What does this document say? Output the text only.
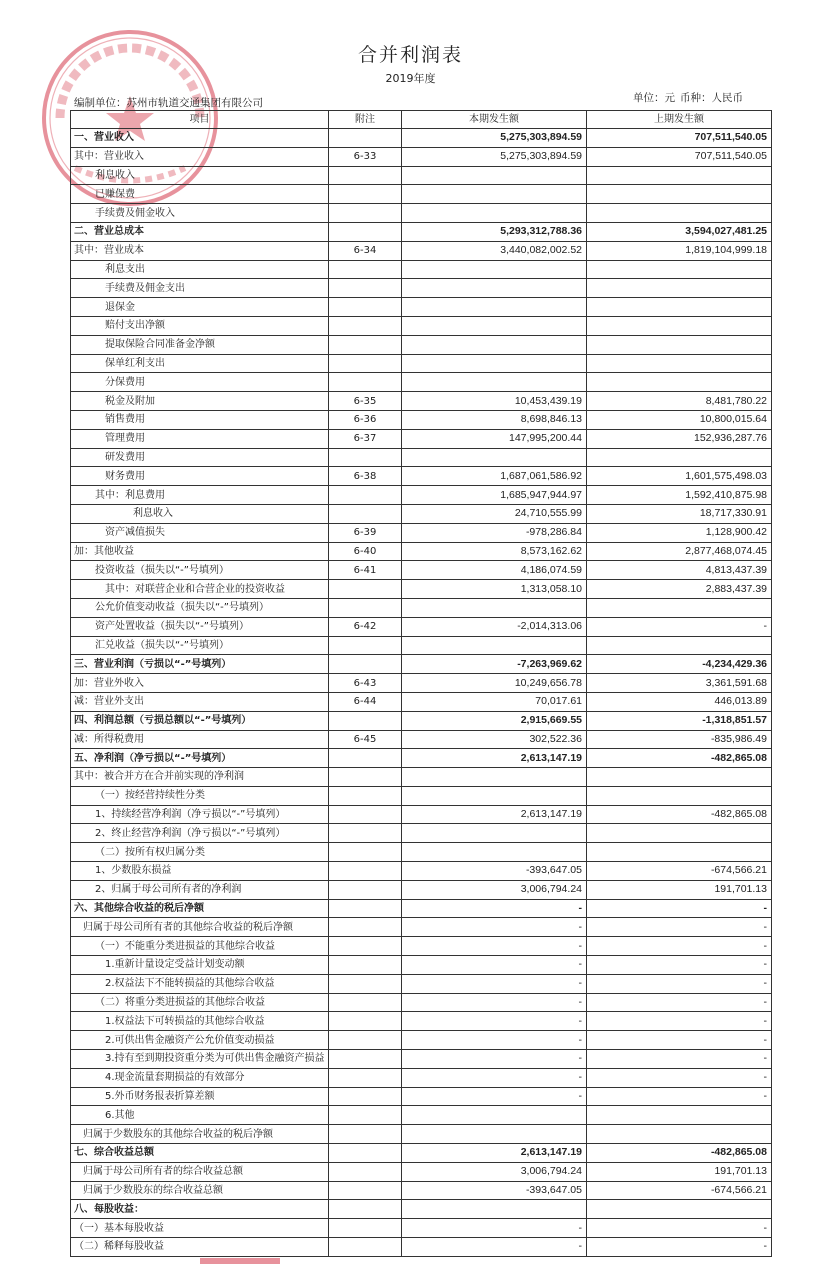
合并利润表
2019年度
编制单位：苏州市轨道交通集团有限公司	单位：元 币种：人民币
项目	附注	本期发生额	上期发生额
一、营业收入		5,275,303,894.59	707,511,540.05
其中：营业收入	6-33	5,275,303,894.59	707,511,540.05
利息收入			
已赚保费			
手续费及佣金收入			
二、营业总成本		5,293,312,788.36	3,594,027,481.25
其中：营业成本	6-34	3,440,082,002.52	1,819,104,999.18
利息支出			
手续费及佣金支出			
退保金			
赔付支出净额			
提取保险合同准备金净额			
保单红利支出			
分保费用			
税金及附加	6-35	10,453,439.19	8,481,780.22
销售费用	6-36	8,698,846.13	10,800,015.64
管理费用	6-37	147,995,200.44	152,936,287.76
研发费用			
财务费用	6-38	1,687,061,586.92	1,601,575,498.03
其中：利息费用		1,685,947,944.97	1,592,410,875.98
利息收入		24,710,555.99	18,717,330.91
资产减值损失	6-39	-978,286.84	1,128,900.42
加：其他收益	6-40	8,573,162.62	2,877,468,074.45
投资收益（损失以“-”号填列）	6-41	4,186,074.59	4,813,437.39
其中：对联营企业和合营企业的投资收益		1,313,058.10	2,883,437.39
公允价值变动收益（损失以“-”号填列）			
资产处置收益（损失以“-”号填列）	6-42	-2,014,313.06	-
汇兑收益（损失以“-”号填列）			
三、营业利润（亏损以“-”号填列）		-7,263,969.62	-4,234,429.36
加：营业外收入	6-43	10,249,656.78	3,361,591.68
减：营业外支出	6-44	70,017.61	446,013.89
四、利润总额（亏损总额以“-”号填列）		2,915,669.55	-1,318,851.57
减：所得税费用	6-45	302,522.36	-835,986.49
五、净利润（净亏损以“-”号填列）		2,613,147.19	-482,865.08
其中：被合并方在合并前实现的净利润			
（一）按经营持续性分类			
1、持续经营净利润（净亏损以“-”号填列）		2,613,147.19	-482,865.08
2、终止经营净利润（净亏损以“-”号填列）			
（二）按所有权归属分类			
1、少数股东损益		-393,647.05	-674,566.21
2、归属于母公司所有者的净利润		3,006,794.24	191,701.13
六、其他综合收益的税后净额		-	-
归属于母公司所有者的其他综合收益的税后净额		-	-
（一）不能重分类进损益的其他综合收益		-	-
1.重新计量设定受益计划变动额		-	-
2.权益法下不能转损益的其他综合收益		-	-
（二）将重分类进损益的其他综合收益		-	-
1.权益法下可转损益的其他综合收益		-	-
2.可供出售金融资产公允价值变动损益		-	-
3.持有至到期投资重分类为可供出售金融资产损益		-	-
4.现金流量套期损益的有效部分		-	-
5.外币财务报表折算差额		-	-
6.其他			
归属于少数股东的其他综合收益的税后净额			
七、综合收益总额		2,613,147.19	-482,865.08
归属于母公司所有者的综合收益总额		3,006,794.24	191,701.13
归属于少数股东的综合收益总额		-393,647.05	-674,566.21
八、每股收益：			
（一）基本每股收益		-	-
（二）稀释每股收益		-	-
